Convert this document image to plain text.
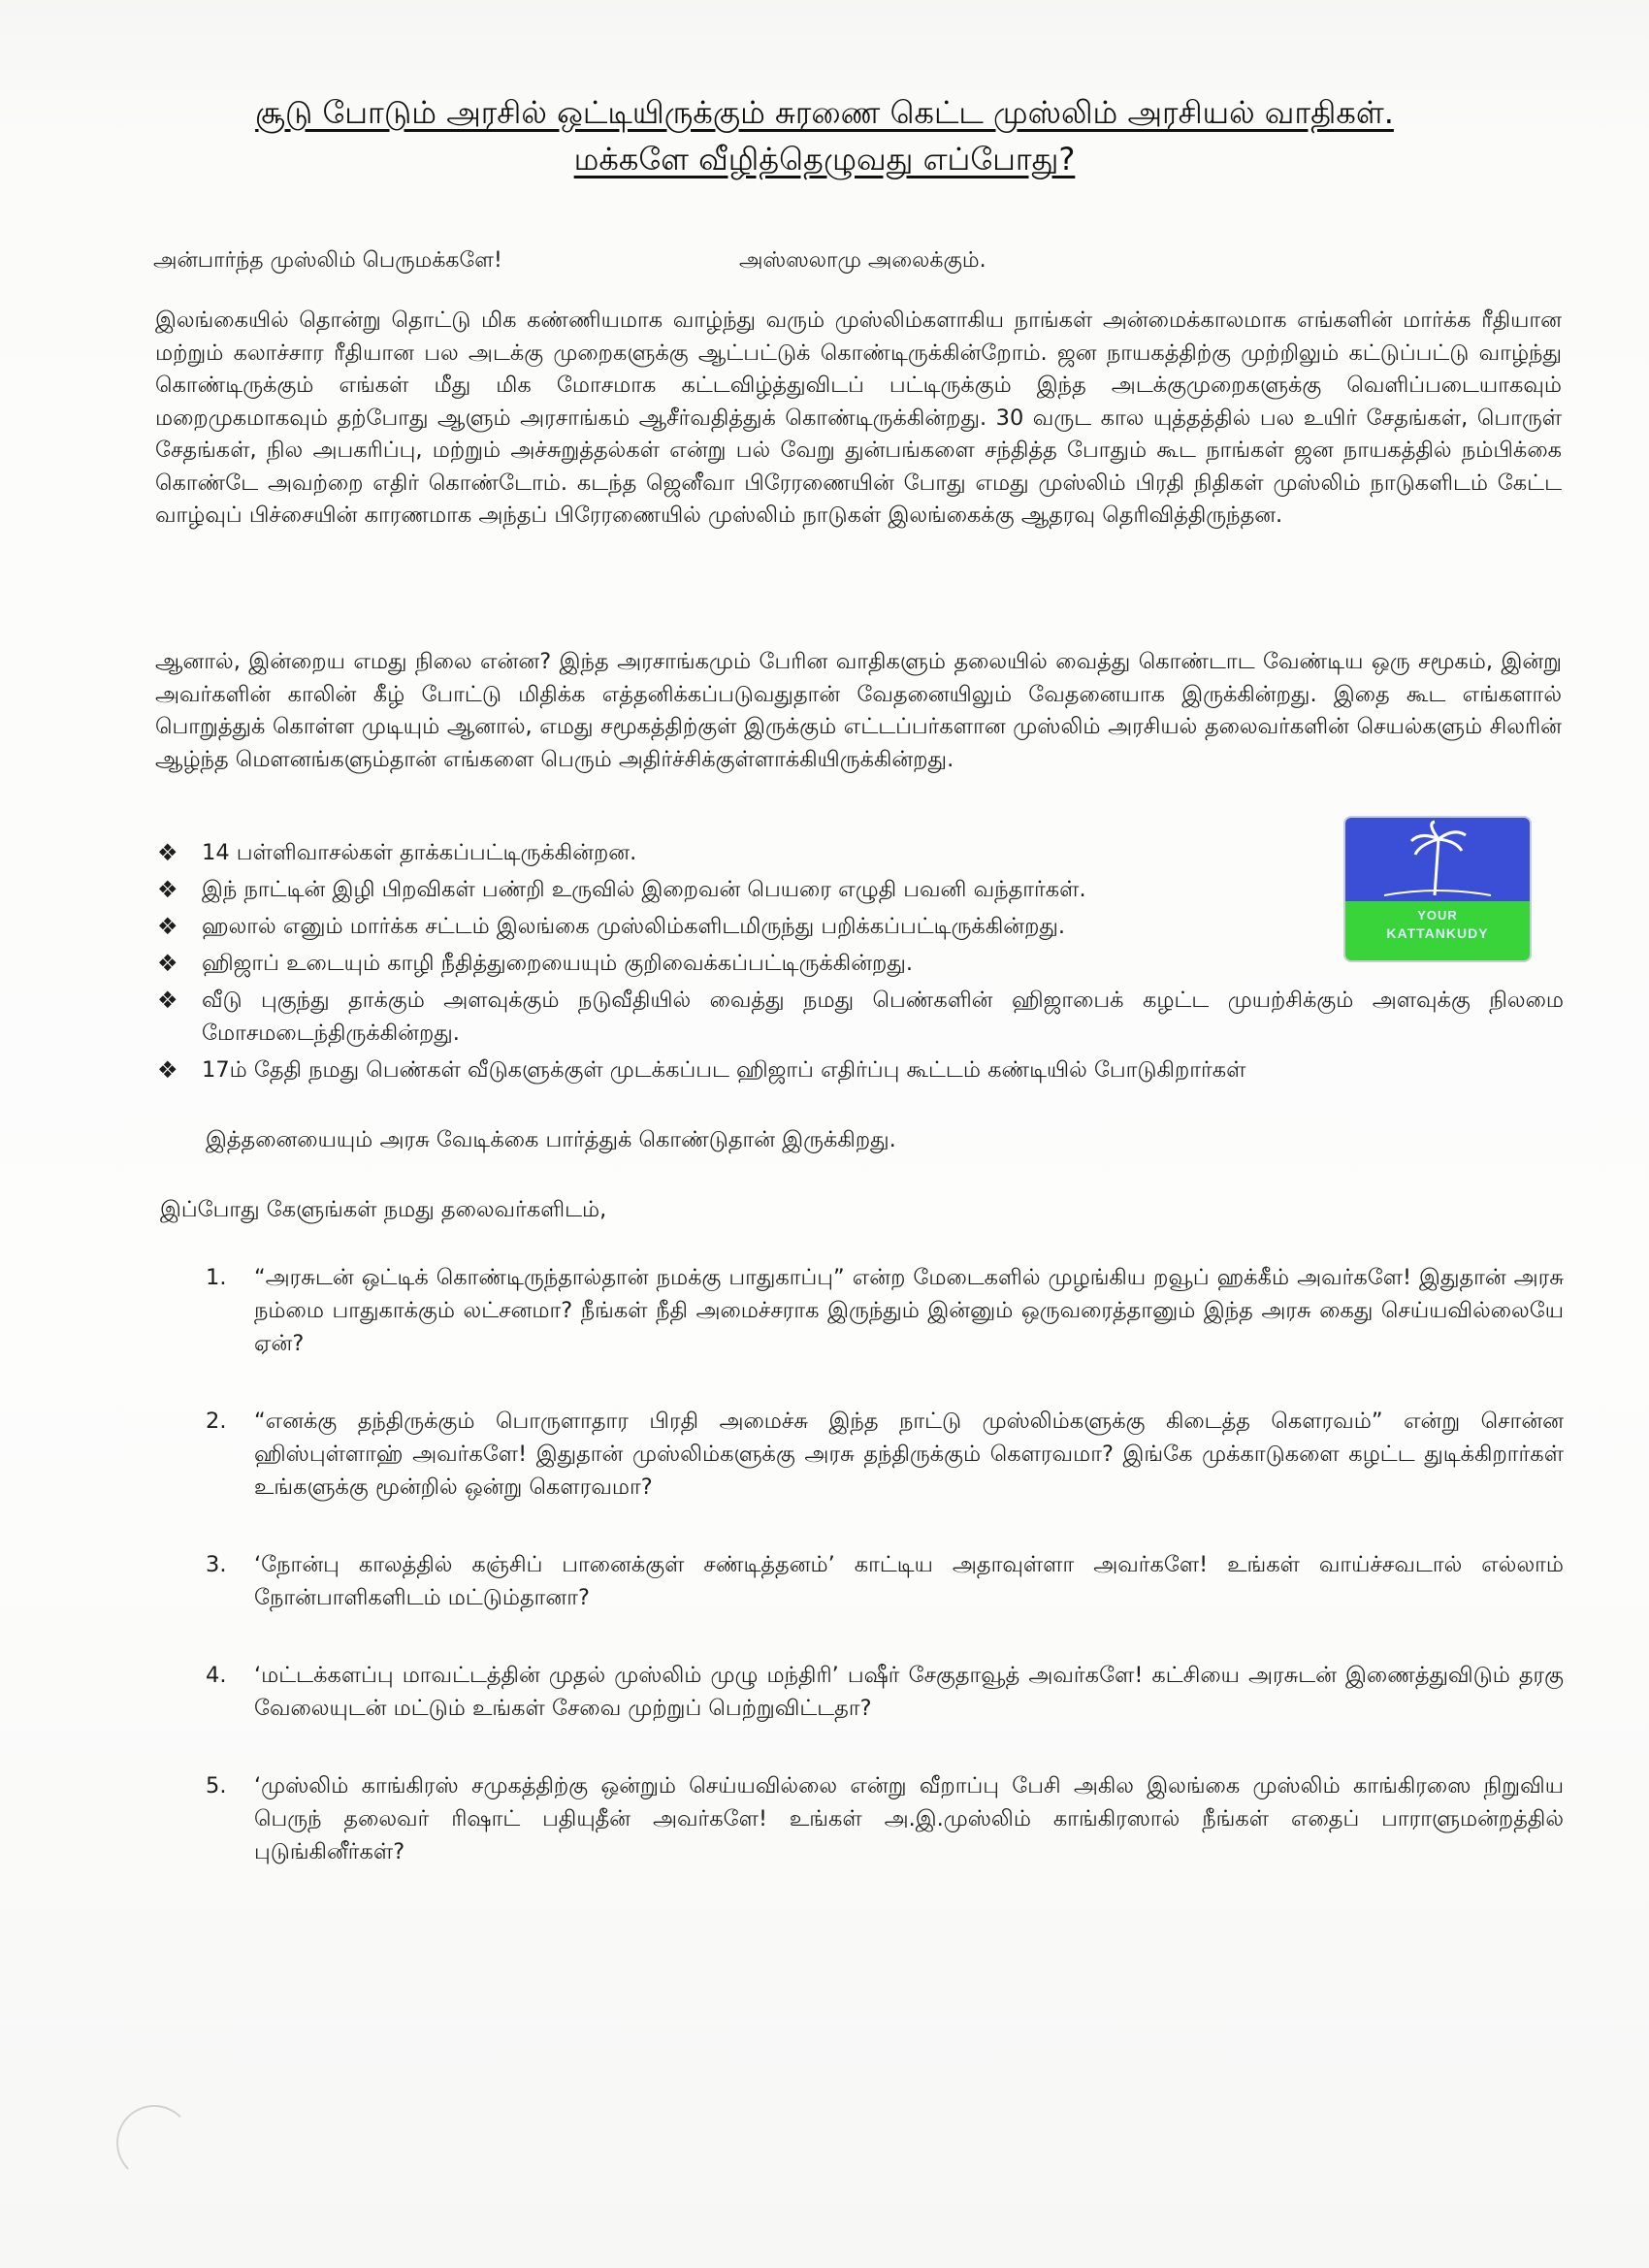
சூடு போடும் அரசில் ஒட்டியிருக்கும் சுரணை கெட்ட முஸ்லிம் அரசியல் வாதிகள்.
மக்களே வீழித்தெழுவது எப்போது?
அன்பார்ந்த முஸ்லிம் பெருமக்களே!	அஸ்ஸலாமு அலைக்கும்.
இலங்கையில் தொன்று தொட்டு மிக கண்ணியமாக வாழ்ந்து வரும் முஸ்லிம்களாகிய நாங்கள் அன்மைக்காலமாக எங்களின் மார்க்க ரீதியான மற்றும் கலாச்சார ரீதியான பல அடக்கு முறைகளுக்கு ஆட்பட்டுக் கொண்டிருக்கின்றோம். ஜன நாயகத்திற்கு முற்றிலும் கட்டுப்பட்டு வாழ்ந்து கொண்டிருக்கும் எங்கள் மீது மிக மோசமாக கட்டவிழ்த்துவிடப் பட்டிருக்கும் இந்த அடக்குமுறைகளுக்கு வெளிப்படையாகவும் மறைமுகமாகவும் தற்போது ஆளும் அரசாங்கம் ஆசீர்வதித்துக் கொண்டிருக்கின்றது. 30 வருட கால யுத்தத்தில் பல உயிர் சேதங்கள், பொருள் சேதங்கள், நில அபகரிப்பு, மற்றும் அச்சுறுத்தல்கள் என்று பல் வேறு துன்பங்களை சந்தித்த போதும் கூட நாங்கள் ஜன நாயகத்தில் நம்பிக்கை கொண்டே அவற்றை எதிர் கொண்டோம். கடந்த ஜெனீவா பிரேரணையின் போது எமது முஸ்லிம் பிரதி நிதிகள் முஸ்லிம் நாடுகளிடம் கேட்ட வாழ்வுப் பிச்சையின் காரணமாக அந்தப் பிரேரணையில் முஸ்லிம் நாடுகள் இலங்கைக்கு ஆதரவு தெரிவித்திருந்தன.
ஆனால், இன்றைய எமது நிலை என்ன? இந்த அரசாங்கமும் பேரின வாதிகளும் தலையில் வைத்து கொண்டாட வேண்டிய ஒரு சமூகம், இன்று அவர்களின் காலின் கீழ் போட்டு மிதிக்க எத்தனிக்கப்படுவதுதான் வேதனையிலும் வேதனையாக இருக்கின்றது. இதை கூட எங்களால் பொறுத்துக் கொள்ள முடியும் ஆனால், எமது சமூகத்திற்குள் இருக்கும் எட்டப்பர்களான முஸ்லிம் அரசியல் தலைவர்களின் செயல்களும் சிலரின் ஆழ்ந்த மௌனங்களும்தான் எங்களை பெரும் அதிர்ச்சிக்குள்ளாக்கியிருக்கின்றது.
YOUR
KATTANKUDY
❖ 14 பள்ளிவாசல்கள் தாக்கப்பட்டிருக்கின்றன.
❖ இந் நாட்டின் இழி பிறவிகள் பண்றி உருவில் இறைவன் பெயரை எழுதி பவனி வந்தார்கள்.
❖ ஹலால் எனும் மார்க்க சட்டம் இலங்கை முஸ்லிம்களிடமிருந்து பறிக்கப்பட்டிருக்கின்றது.
❖ ஹிஜாப் உடையும் காழி நீதித்துறையையும் குறிவைக்கப்பட்டிருக்கின்றது.
❖ வீடு புகுந்து தாக்கும் அளவுக்கும் நடுவீதியில் வைத்து நமது பெண்களின் ஹிஜாபைக் கழட்ட முயற்சிக்கும் அளவுக்கு நிலமை மோசமடைந்திருக்கின்றது.
❖ 17ம் தேதி நமது பெண்கள் வீடுகளுக்குள் முடக்கப்பட ஹிஜாப் எதிர்ப்பு கூட்டம் கண்டியில் போடுகிறார்கள்
இத்தனையையும் அரசு வேடிக்கை பார்த்துக் கொண்டுதான் இருக்கிறது.
இப்போது கேளுங்கள் நமது தலைவர்களிடம்,
1. “அரசுடன் ஒட்டிக் கொண்டிருந்தால்தான் நமக்கு பாதுகாப்பு” என்ற மேடைகளில் முழங்கிய றவூப் ஹக்கீம் அவர்களே! இதுதான் அரசு நம்மை பாதுகாக்கும் லட்சனமா? நீங்கள் நீதி அமைச்சராக இருந்தும் இன்னும் ஒருவரைத்தானும் இந்த அரசு கைது செய்யவில்லையே ஏன்?
2. “எனக்கு தந்திருக்கும் பொருளாதார பிரதி அமைச்சு இந்த நாட்டு முஸ்லிம்களுக்கு கிடைத்த கௌரவம்” என்று சொன்ன ஹிஸ்புள்ளாஹ் அவர்களே! இதுதான் முஸ்லிம்களுக்கு அரசு தந்திருக்கும் கௌரவமா? இங்கே முக்காடுகளை கழட்ட துடிக்கிறார்கள் உங்களுக்கு மூன்றில் ஒன்று கௌரவமா?
3. ‘நோன்பு காலத்தில் கஞ்சிப் பானைக்குள் சண்டித்தனம்’ காட்டிய அதாவுள்ளா அவர்களே! உங்கள் வாய்ச்சவடால் எல்லாம் நோன்பாளிகளிடம் மட்டும்தானா?
4. ‘மட்டக்களப்பு மாவட்டத்தின் முதல் முஸ்லிம் முழு மந்திரி’ பஷீர் சேகுதாவூத் அவர்களே! கட்சியை அரசுடன் இணைத்துவிடும் தரகு வேலையுடன் மட்டும் உங்கள் சேவை முற்றுப் பெற்றுவிட்டதா?
5. ‘முஸ்லிம் காங்கிரஸ் சமுகத்திற்கு ஒன்றும் செய்யவில்லை என்று வீறாப்பு பேசி அகில இலங்கை முஸ்லிம் காங்கிரஸை நிறுவிய பெருந் தலைவர் ரிஷாட் பதியுதீன் அவர்களே! உங்கள் அ.இ.முஸ்லிம் காங்கிரஸால் நீங்கள் எதைப் பாராளுமன்றத்தில் புடுங்கினீர்கள்?
